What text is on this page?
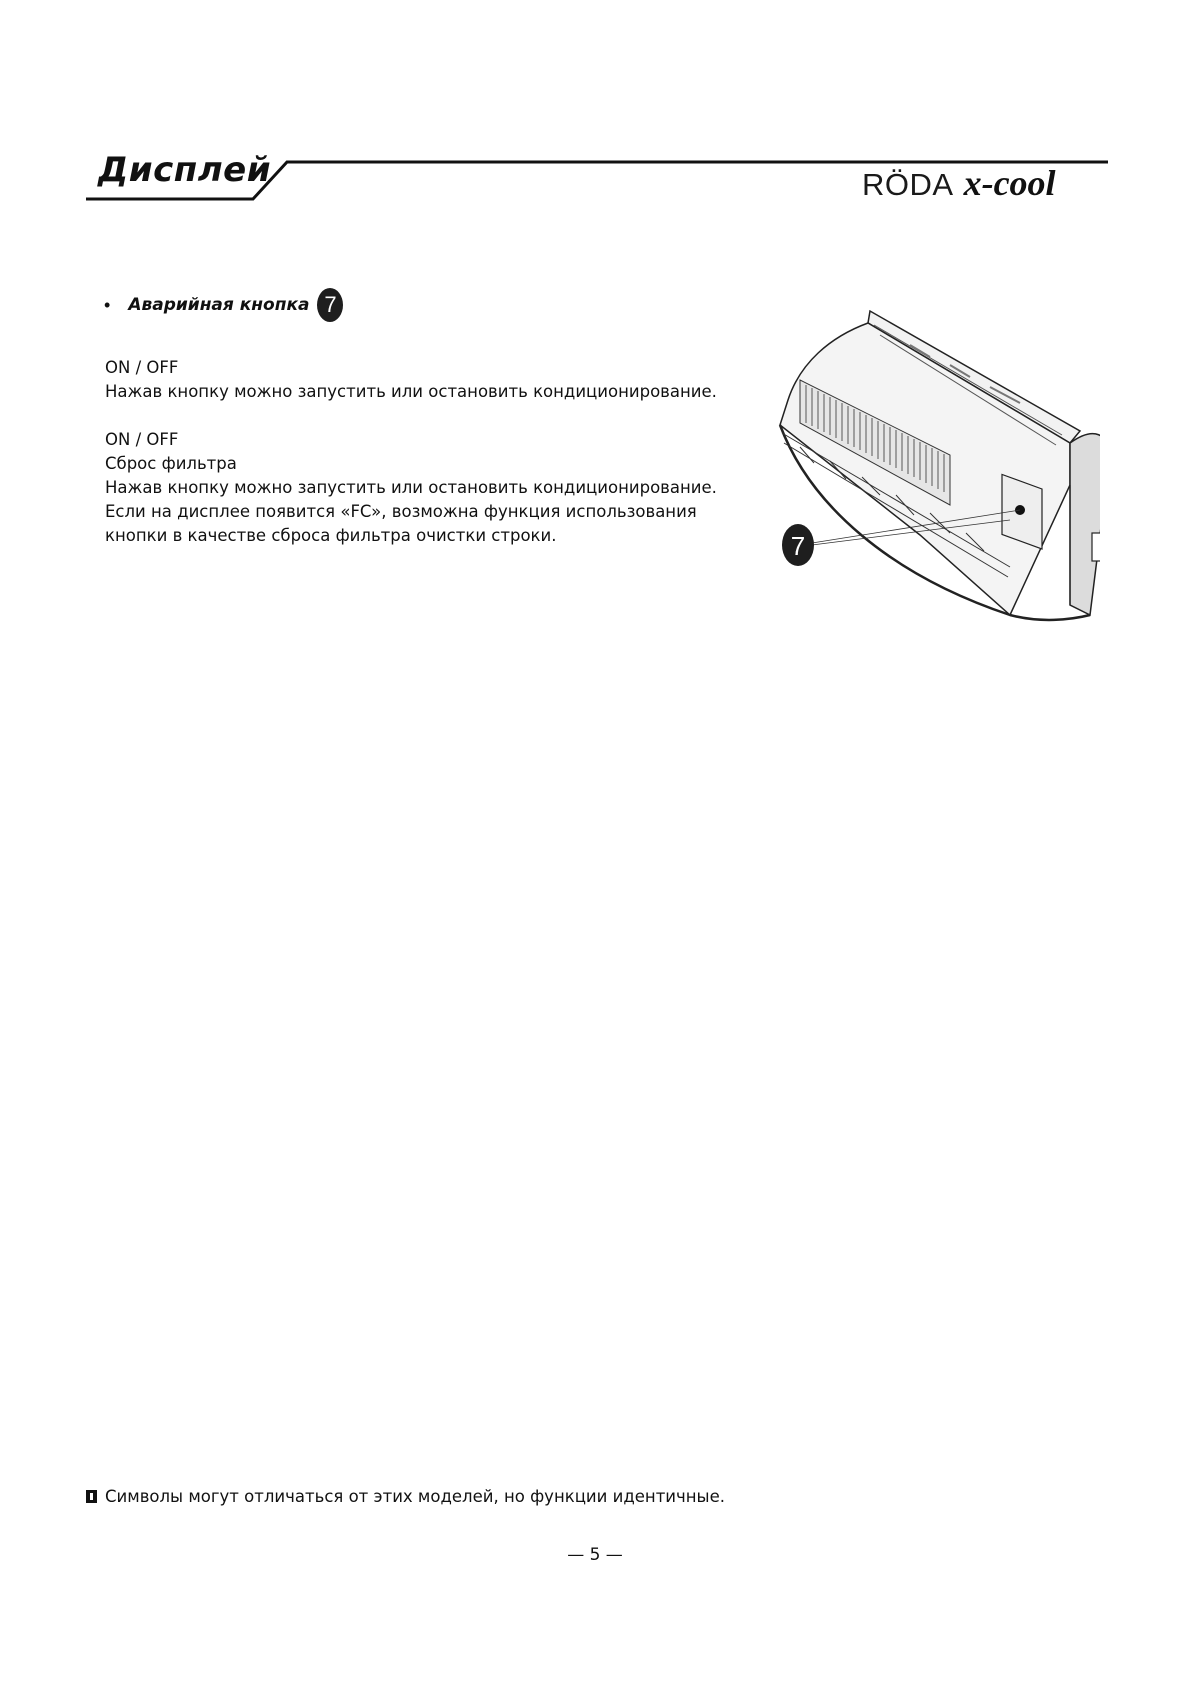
Дисплей	RÖDA x-cool
• Аварийная кнопка 7

ON / OFF

Нажав кнопку можно запустить или остановить кондиционирование.

ON / OFF

Сброс фильтра

Нажав кнопку можно запустить или остановить кондиционирование.

Если на дисплее появится «FC», возможна функция использования

кнопки в качестве сброса фильтра очистки строки.	7
Символы могут отличаться от этих моделей, но функции идентичные.
— 5 —
